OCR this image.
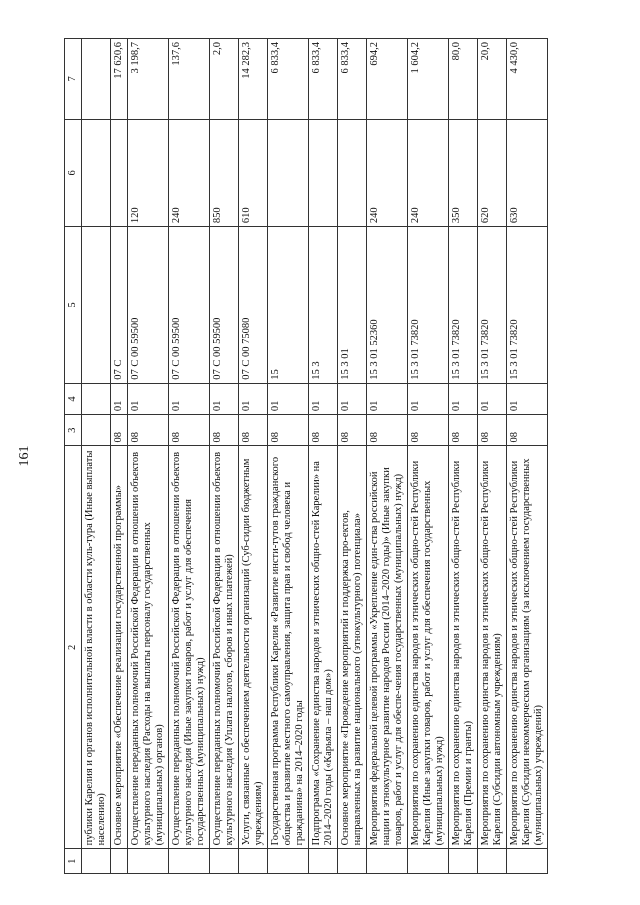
161
1	2	3	4	5	6	7
	публики Карелия и органов исполнительной власти в области куль-тура (Иные выплаты населению)					
	Основное мероприятие «Обеспечение реализации государственной программы»	08	01	07 С		17 620,6
	Осуществление переданных полномочий Российской Федерации в отношении объектов культурного наследия (Расходы на выплаты персоналу государственных (муниципальных) органов)	08	01	07 С 00 59500	120	3 198,7
	Осуществление переданных полномочий Российской Федерации в отношении объектов культурного наследия (Иные закупки товаров, работ и услуг для обеспечения государственных (муниципальных) нужд)	08	01	07 С 00 59500	240	137,6
	Осуществление переданных полномочий Российской Федерации в отношении объектов культурного наследия (Уплата налогов, сборов и иных платежей)	08	01	07 С 00 59500	850	2,0
	Услуги, связанные с обеспечением деятельности организаций (Суб-сидии бюджетным учреждениям)	08	01	07 С 00 75080	610	14 282,3
	Государственная программа Республики Карелия «Развитие инсти-тутов гражданского общества и развитие местного самоуправления, защита прав и свобод человека и гражданина» на 2014–2020 годы	08	01	15		6 833,4
	Подпрограмма «Сохранение единства народов и этнических общно-стей Карелии» на 2014–2020 годы («Карьяла – наш дом»)	08	01	15 3		6 833,4
	Основное мероприятие «Проведение мероприятий и поддержка про-ектов, направленных на развитие национального (этнокультурного) потенциала»	08	01	15 3 01		6 833,4
	Мероприятия федеральной целевой программы «Укрепление един-ства российской нации и этнокультурное развитие народов России (2014–2020 годы)» (Иные закупки товаров, работ и услуг для обеспе-чения государственных (муниципальных) нужд)	08	01	15 3 01 52360	240	694,2
	Мероприятия по сохранению единства народов и этнических общно-стей Республики Карелия (Иные закупки товаров, работ и услуг для обеспечения государственных (муниципальных) нужд)	08	01	15 3 01 73820	240	1 604,2
	Мероприятия по сохранению единства народов и этнических общно-стей Республики Карелия (Премии и гранты)	08	01	15 3 01 73820	350	80,0
	Мероприятия по сохранению единства народов и этнических общно-стей Республики Карелия (Субсидии автономным учреждениям)	08	01	15 3 01 73820	620	20,0
	Мероприятия по сохранению единства народов и этнических общно-стей Республики Карелия (Субсидии некоммерческим организациям (за исключением государственных (муниципальных) учреждений)	08	01	15 3 01 73820	630	4 430,0
